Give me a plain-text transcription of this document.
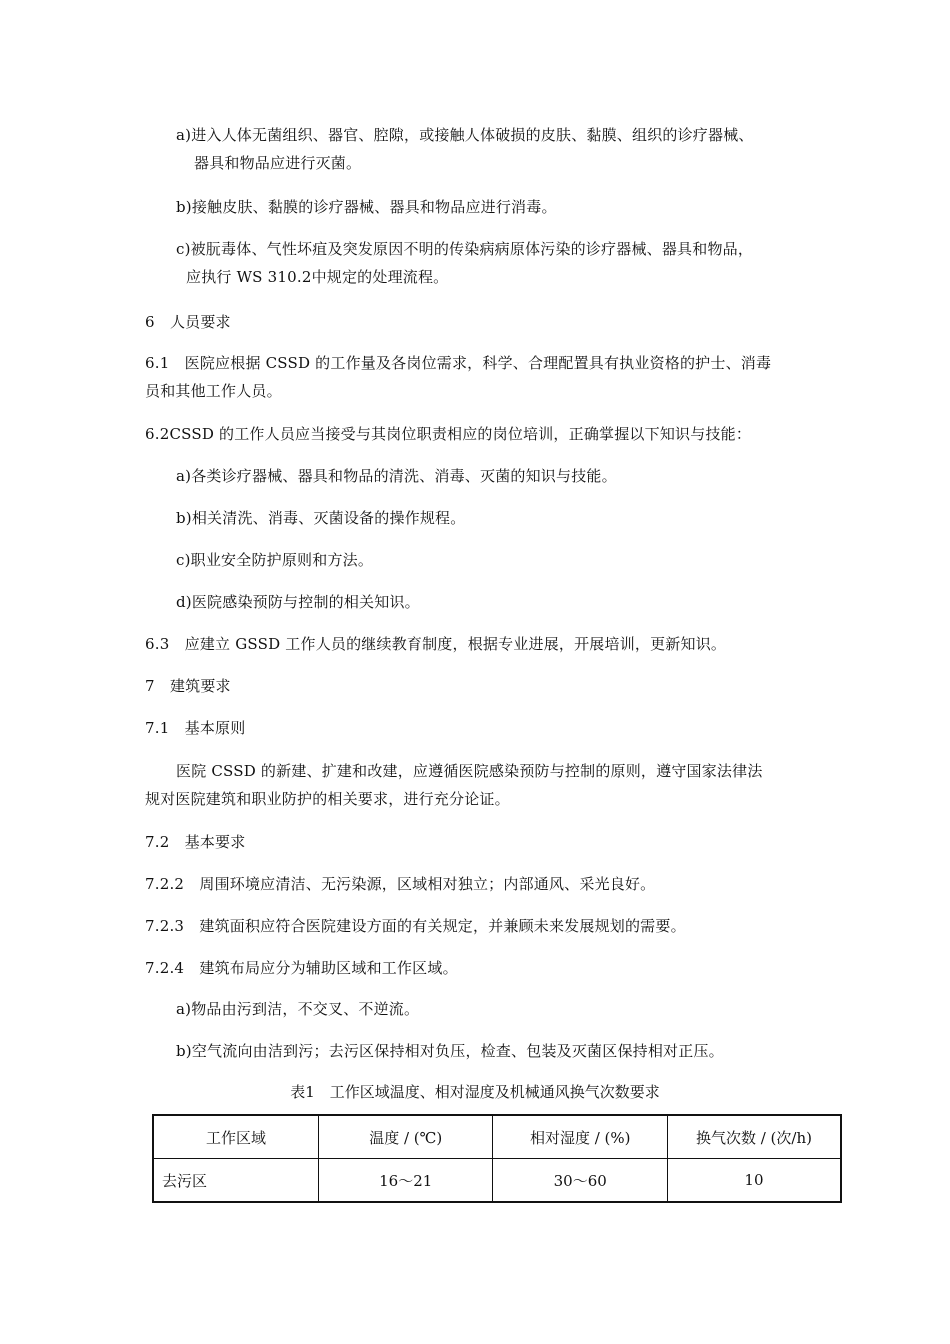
a)进入人体无菌组织、器官、腔隙，或接触人体破损的皮肤、黏膜、组织的诊疗器械、
器具和物品应进行灭菌。
b)接触皮肤、黏膜的诊疗器械、器具和物品应进行消毒。
c)被朊毒体、气性坏疽及突发原因不明的传染病病原体污染的诊疗器械、器具和物品，
应执行 WS 310.2中规定的处理流程。
6　人员要求
6.1　医院应根据 CSSD 的工作量及各岗位需求，科学、合理配置具有执业资格的护士、消毒
员和其他工作人员。
6.2CSSD 的工作人员应当接受与其岗位职责相应的岗位培训，正确掌握以下知识与技能：
a)各类诊疗器械、器具和物品的清洗、消毒、灭菌的知识与技能。
b)相关清洗、消毒、灭菌设备的操作规程。
c)职业安全防护原则和方法。
d)医院感染预防与控制的相关知识。
6.3　应建立 GSSD 工作人员的继续教育制度，根据专业进展，开展培训，更新知识。
7　建筑要求
7.1　基本原则
医院 CSSD 的新建、扩建和改建，应遵循医院感染预防与控制的原则，遵守国家法律法
规对医院建筑和职业防护的相关要求，进行充分论证。
7.2　基本要求
7.2.2　周围环境应清洁、无污染源，区域相对独立；内部通风、采光良好。
7.2.3　建筑面积应符合医院建设方面的有关规定，并兼顾未来发展规划的需要。
7.2.4　建筑布局应分为辅助区域和工作区域。
a)物品由污到洁，不交叉、不逆流。
b)空气流向由洁到污；去污区保持相对负压，检查、包装及灭菌区保持相对正压。
表1　工作区域温度、相对湿度及机械通风换气次数要求
工作区域	温度 / (℃)	相对湿度 / (%)	换气次数 / (次/h)
去污区	16～21	30～60	10
